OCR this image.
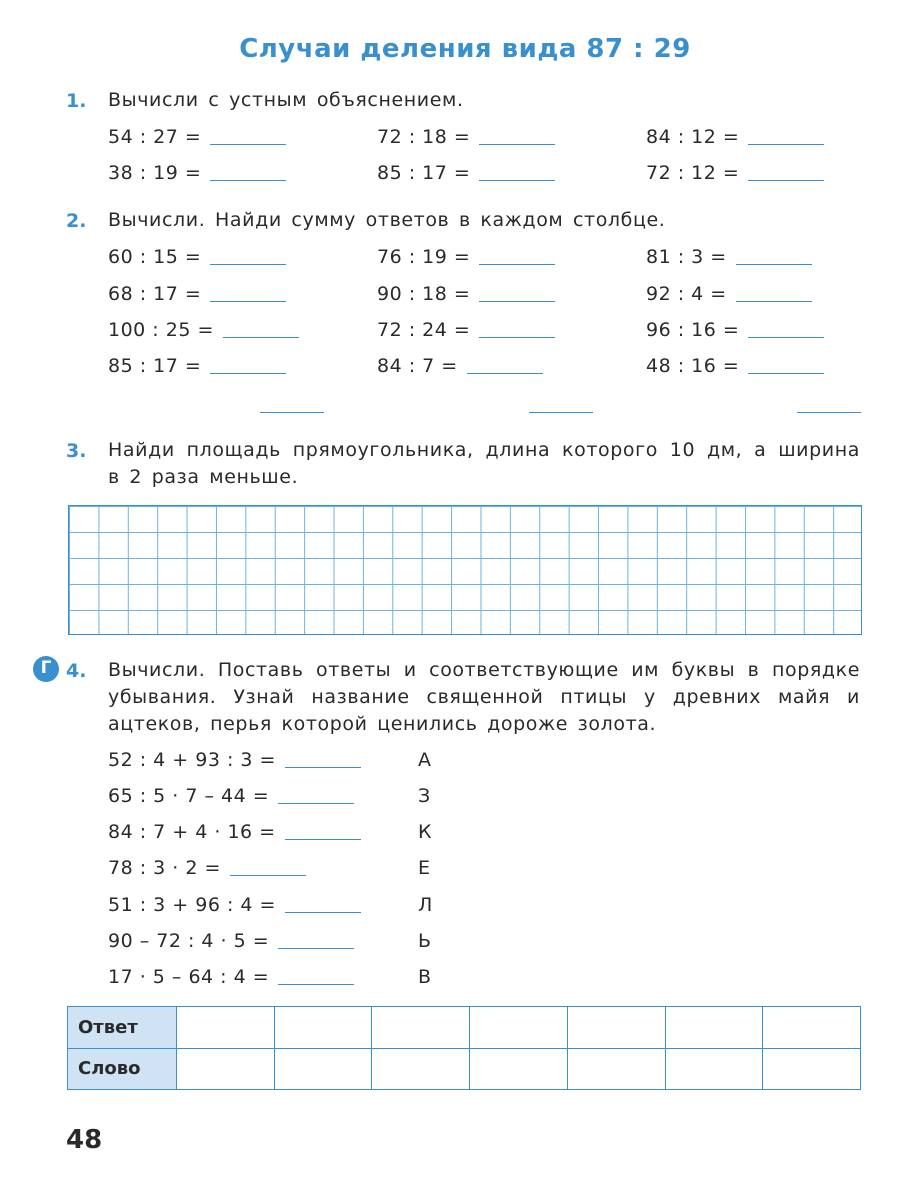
Случаи деления вида 87 : 29
1. Вычисли с устным объяснением.
54 : 27 =	72 : 18 =	84 : 12 =
38 : 19 =	85 : 17 =	72 : 12 =
2. Вычисли. Найди сумму ответов в каждом столбце.
60 : 15 =	76 : 19 =	81 : 3 =
68 : 17 =	90 : 18 =	92 : 4 =
100 : 25 =	72 : 24 =	96 : 16 =
85 : 17 =	84 : 7 =	48 : 16 =
3. Найди площадь прямоугольника, длина которого 10 дм, а ширина в 2 раза меньше.
Г 4. Вычисли. Поставь ответы и соответствующие им буквы в порядке убывания. Узнай название священной птицы у древних майя и ацтеков, перья которой ценились дороже золота.
52 : 4 + 93 : 3 =	А
65 : 5 · 7 – 44 =	З
84 : 7 + 4 · 16 =	К
78 : 3 · 2 =	Е
51 : 3 + 96 : 4 =	Л
90 – 72 : 4 · 5 =	Ь
17 · 5 – 64 : 4 =	В
Ответ							
Слово							
48
